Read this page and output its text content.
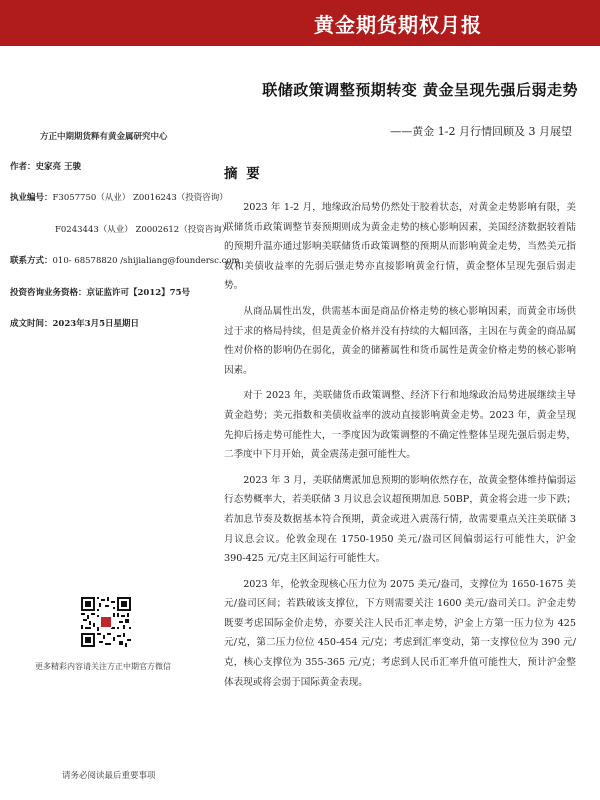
黄金期货期权月报
联储政策调整预期转变 黄金呈现先强后弱走势
——黄金 1-2 月行情回顾及 3 月展望
方正中期期货释有黄金属研究中心
作者：史家亮 王骏
执业编号：F3057750（从业） Z0016243（投资咨询）
F0243443（从业） Z0002612（投资咨询）
联系方式：010- 68578820 /shijialiang@foundersc.com
投资咨询业务资格：京证监许可【2012】75号
成文时间：2023年3月5日星期日
摘 要

2023 年 1-2 月，地缘政治局势仍然处于胶着状态，对黄金走势影响有限，美联储货币政策调整节奏预期则成为黄金走势的核心影响因素，美国经济数据较着陆的预期升温亦通过影响美联储货币政策调整的预期从而影响黄金走势，当然美元指数和美债收益率的先弱后强走势亦直接影响黄金行情，黄金整体呈现先强后弱走势。

从商品属性出发，供需基本面是商品价格走势的核心影响因素，而黄金市场供过于求的格局持续，但是黄金价格并没有持续的大幅回落，主因在与黄金的商品属性对价格的影响仍在弱化，黄金的储蓄属性和货币属性是黄金价格走势的核心影响因素。

对于 2023 年，美联储货币政策调整、经济下行和地缘政治局势进展继续主导黄金趋势；美元指数和美债收益率的波动直接影响黄金走势。2023 年，黄金呈现先抑后扬走势可能性大，一季度因为政策调整的不确定性整体呈现先强后弱走势，二季度中下月开始，黄金震荡走强可能性大。

2023 年 3 月，美联储鹰派加息预期的影响依然存在，故黄金整体维持偏弱运行态势概率大，若美联储 3 月议息会议超预期加息 50BP，黄金将会进一步下跌；若加息节奏及数据基本符合预期，黄金或进入震荡行情，故需要重点关注美联储 3 月议息会议。伦敦金现在 1750-1950 美元/盎司区间偏弱运行可能性大，沪金 390-425 元/克主区间运行可能性大。

2023 年，伦敦金现核心压力位为 2075 美元/盎司，支撑位为 1650-1675 美元/盎司区间；若跌破该支撑位，下方则需要关注 1600 美元/盎司关口。沪金走势既要考虑国际金价走势，亦要关注人民币汇率走势，沪金上方第一压力位为 425 元/克，第二压力位位 450-454 元/克；考虑到汇率变动，第一支撑位位为 390 元/克，核心支撑位为 355-365 元/克；考虑到人民币汇率升值可能性大，预计沪金整体表现或将会弱于国际黄金表现。

更多精彩内容请关注方正中期官方微信
请务必阅读最后重要事项
